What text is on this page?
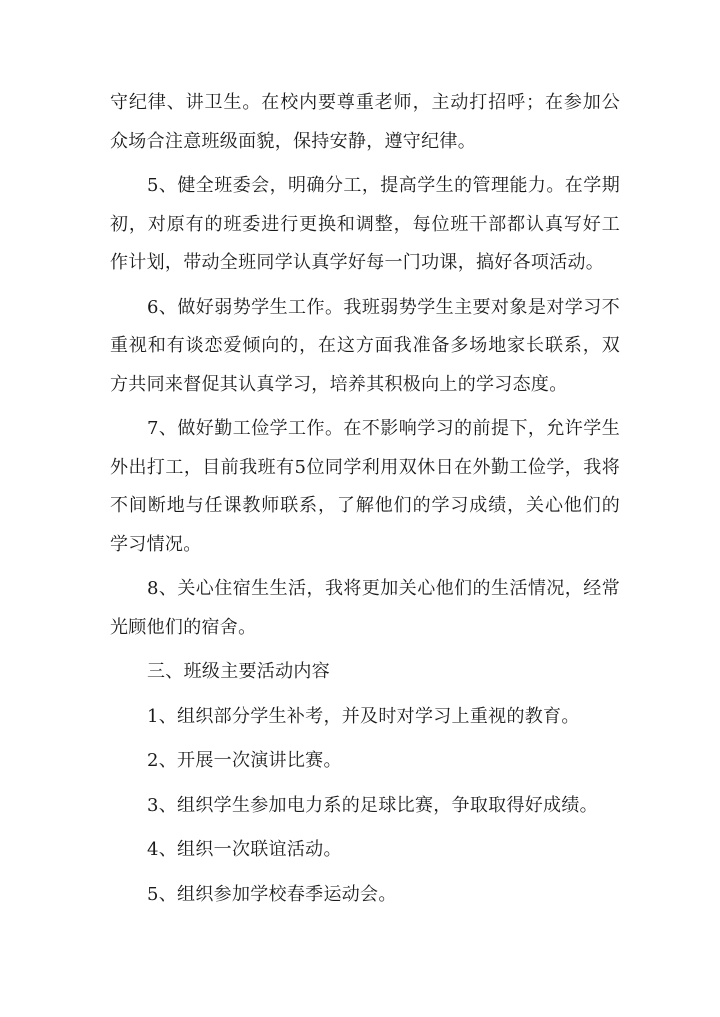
守纪律、讲卫生。在校内要尊重老师，主动打招呼；在参加公众场合注意班级面貌，保持安静，遵守纪律。

5、健全班委会，明确分工，提高学生的管理能力。在学期初，对原有的班委进行更换和调整，每位班干部都认真写好工作计划，带动全班同学认真学好每一门功课，搞好各项活动。

6、做好弱势学生工作。我班弱势学生主要对象是对学习不重视和有谈恋爱倾向的，在这方面我准备多场地家长联系，双方共同来督促其认真学习，培养其积极向上的学习态度。

7、做好勤工俭学工作。在不影响学习的前提下，允许学生外出打工，目前我班有5位同学利用双休日在外勤工俭学，我将不间断地与任课教师联系，了解他们的学习成绩，关心他们的学习情况。

8、关心住宿生生活，我将更加关心他们的生活情况，经常光顾他们的宿舍。

三、班级主要活动内容

1、组织部分学生补考，并及时对学习上重视的教育。

2、开展一次演讲比赛。

3、组织学生参加电力系的足球比赛，争取取得好成绩。

4、组织一次联谊活动。

5、组织参加学校春季运动会。
